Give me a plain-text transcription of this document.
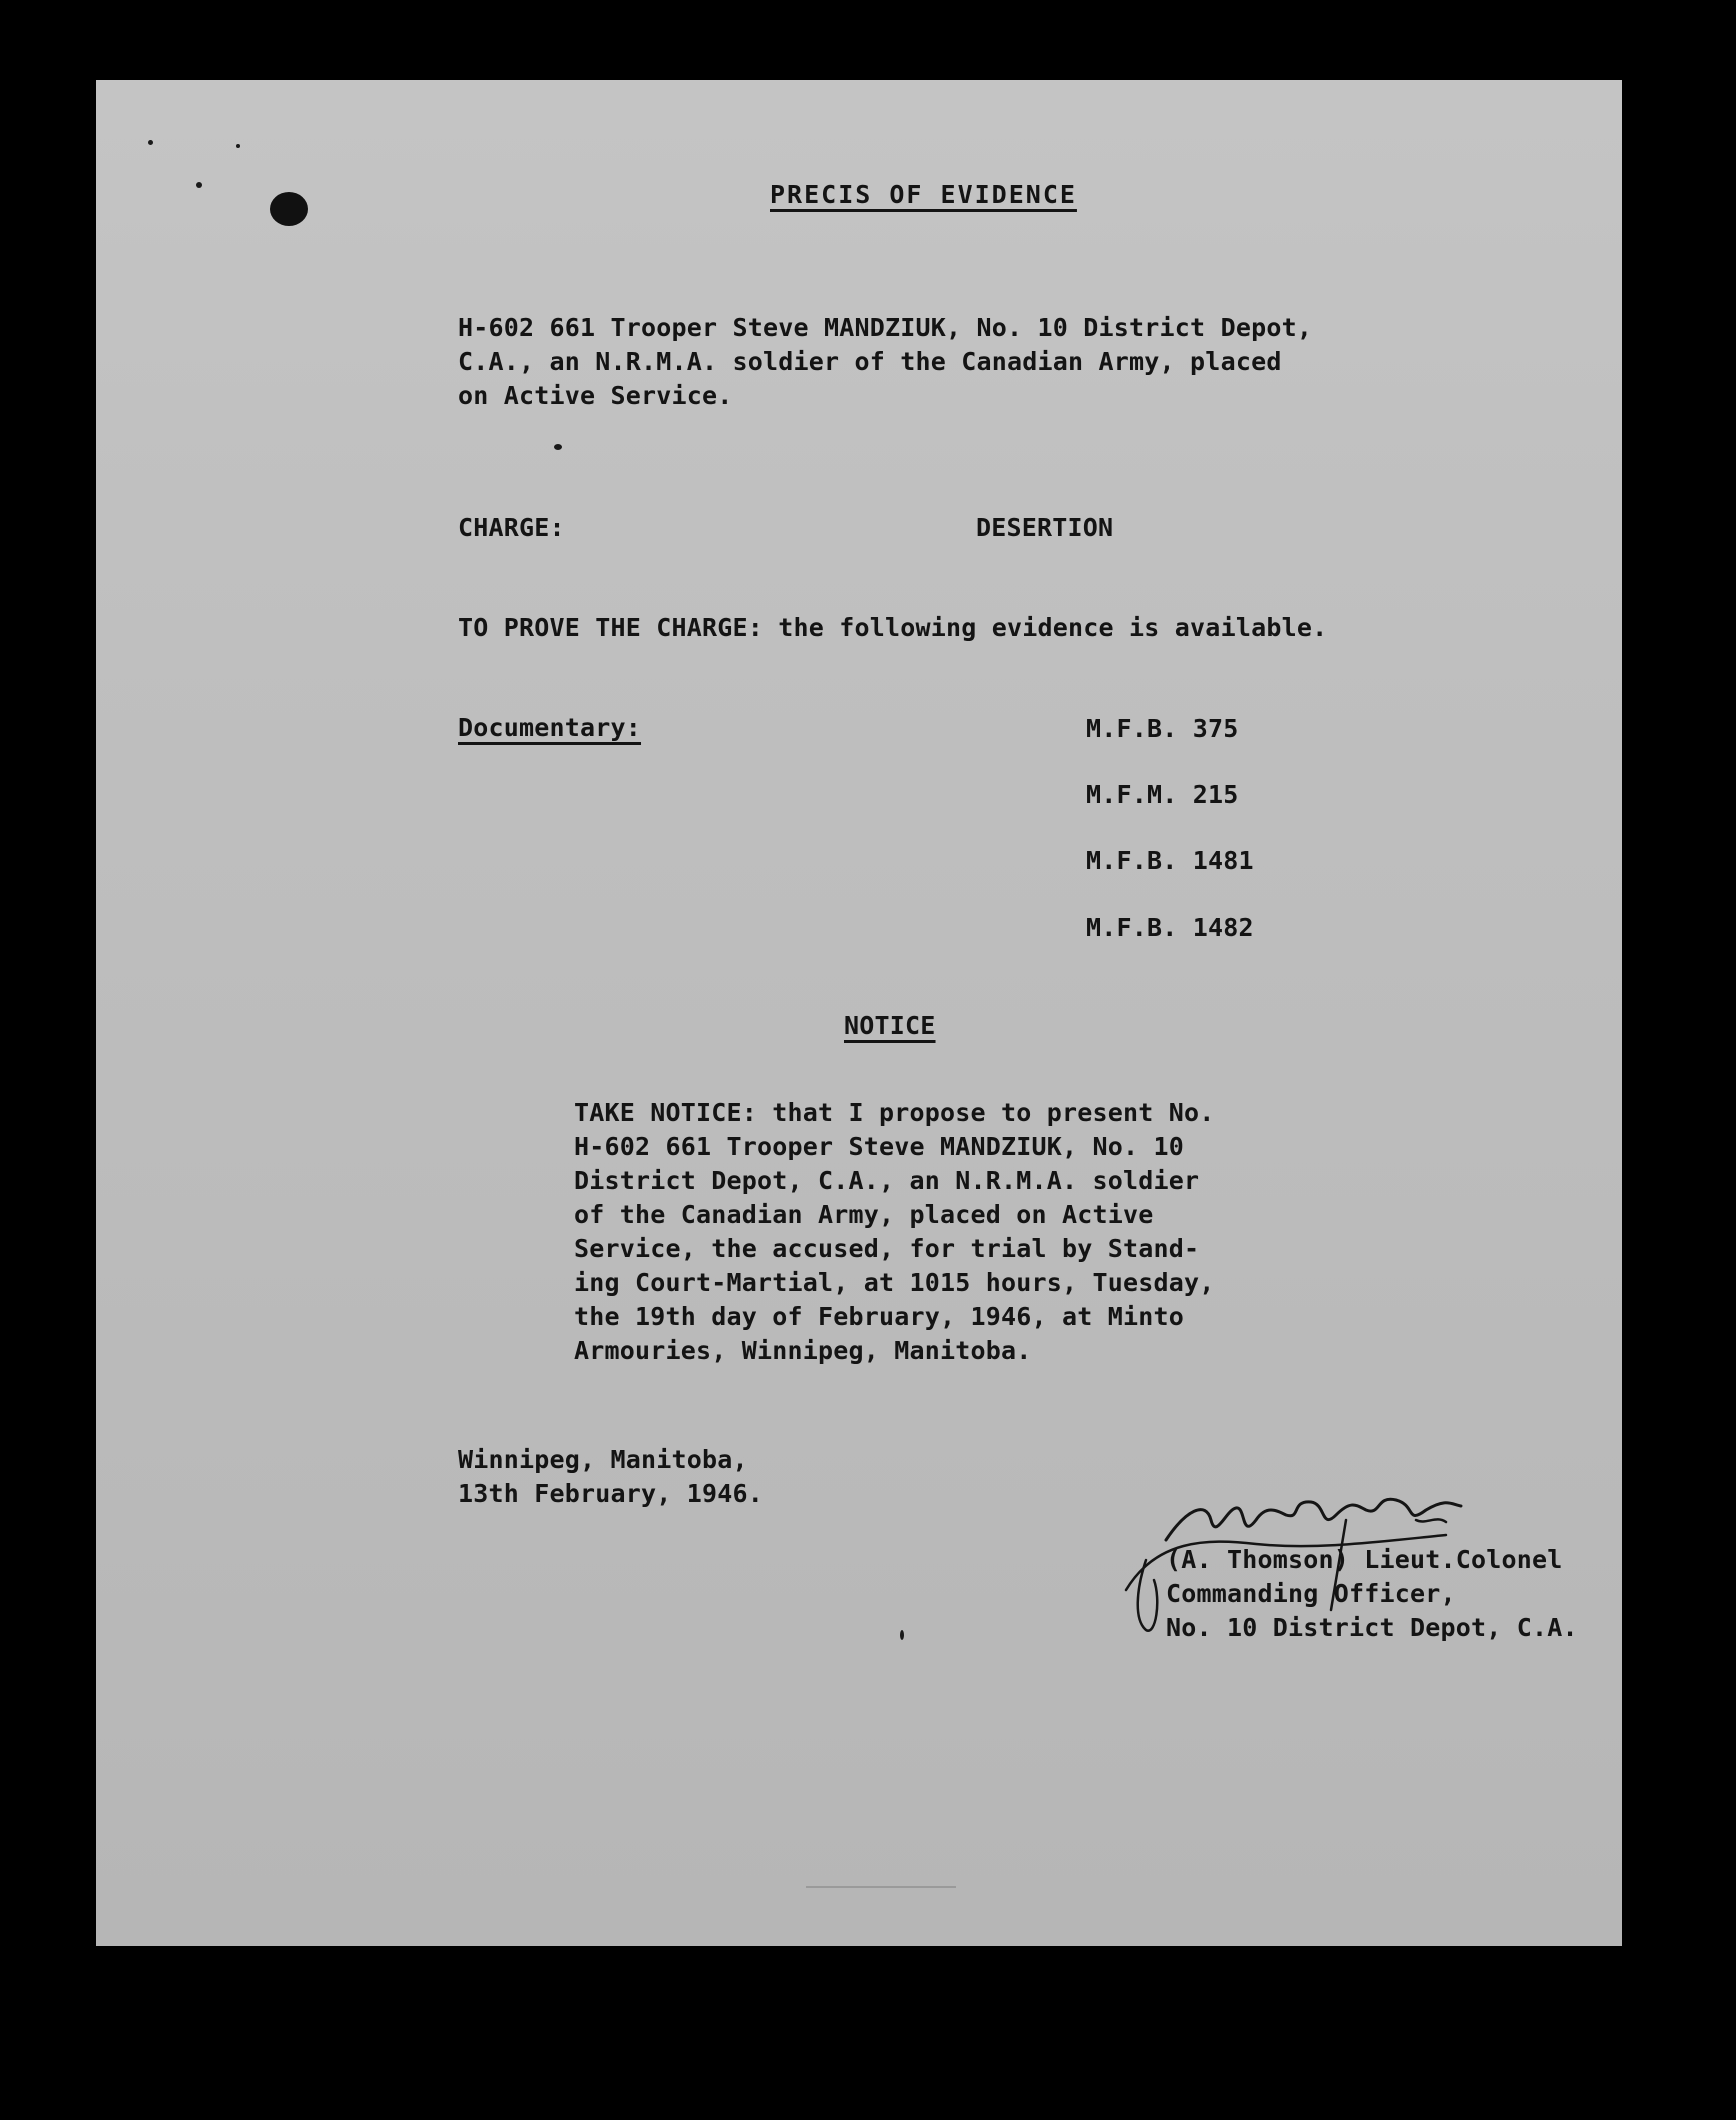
PRECIS OF EVIDENCE

H-602 661 Trooper Steve MANDZIUK, No. 10 District Depot,

C.A., an N.R.M.A. soldier of the Canadian Army, placed

on Active Service.

CHARGE:	DESERTION

TO PROVE THE CHARGE: the following evidence is available.

Documentary:	M.F.B. 375

M.F.M. 215

M.F.B. 1481

M.F.B. 1482

NOTICE

TAKE NOTICE: that I propose to present No.

H-602 661 Trooper Steve MANDZIUK, No. 10

District Depot, C.A., an N.R.M.A. soldier

of the Canadian Army, placed on Active

Service, the accused, for trial by Stand-

ing Court-Martial, at 1015 hours, Tuesday,

the 19th day of February, 1946, at Minto

Armouries, Winnipeg, Manitoba.

Winnipeg, Manitoba,

13th February, 1946.

(A. Thomson) Lieut.Colonel

Commanding Officer,

No. 10 District Depot, C.A.
